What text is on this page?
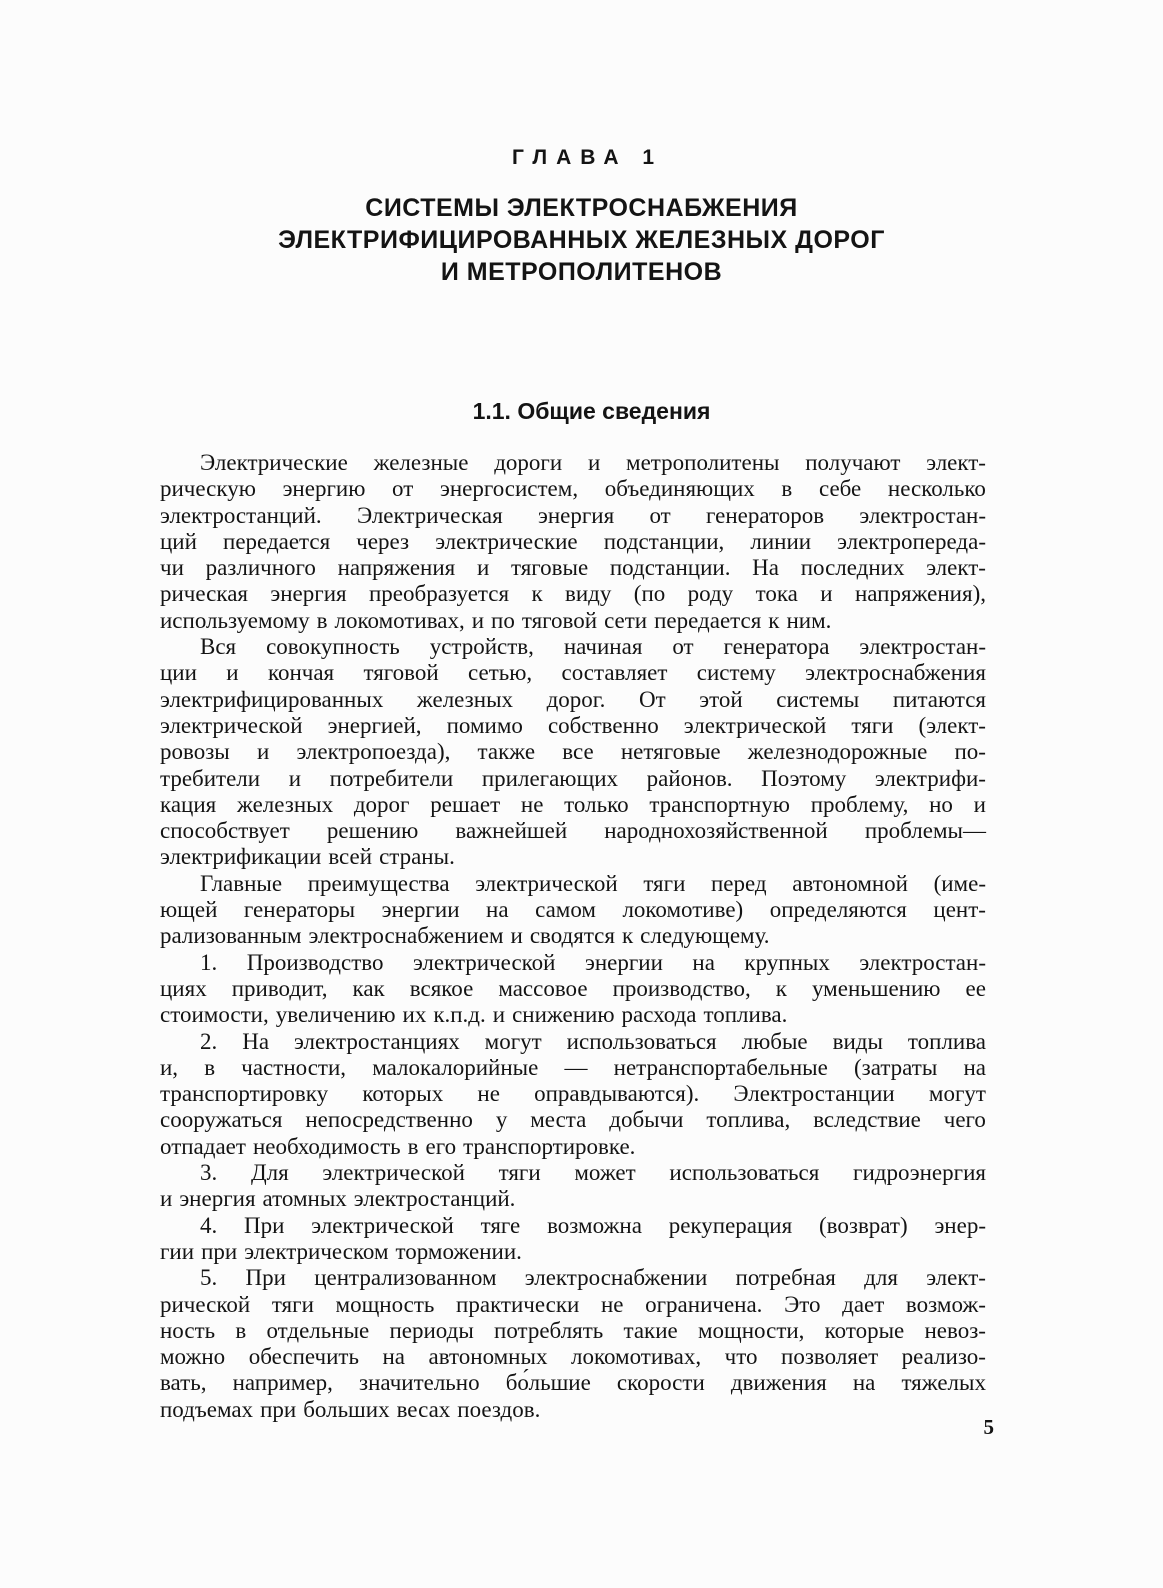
ГЛАВА 1
СИСТЕМЫ ЭЛЕКТРОСНАБЖЕНИЯ
ЭЛЕКТРИФИЦИРОВАННЫХ ЖЕЛЕЗНЫХ ДОРОГ
И МЕТРОПОЛИТЕНОВ
1.1. Общие сведения
Электрические железные дороги и метрополитены получают элект-
рическую энергию от энергосистем, объединяющих в себе несколько
электростанций. Электрическая энергия от генераторов электростан-
ций передается через электрические подстанции, линии электропереда-
чи различного напряжения и тяговые подстанции. На последних элект-
рическая энергия преобразуется к виду (по роду тока и напряжения),
используемому в локомотивах, и по тяговой сети передается к ним.
Вся совокупность устройств, начиная от генератора электростан-
ции и кончая тяговой сетью, составляет систему электроснабжения
электрифицированных железных дорог. От этой системы питаются
электрической энергией, помимо собственно электрической тяги (элект-
ровозы и электропоезда), также все нетяговые железнодорожные по-
требители и потребители прилегающих районов. Поэтому электрифи-
кация железных дорог решает не только транспортную проблему, но и
способствует решению важнейшей народнохозяйственной проблемы—
электрификации всей страны.
Главные преимущества электрической тяги перед автономной (име-
ющей генераторы энергии на самом локомотиве) определяются цент-
рализованным электроснабжением и сводятся к следующему.
1. Производство электрической энергии на крупных электростан-
циях приводит, как всякое массовое производство, к уменьшению ее
стоимости, увеличению их к.п.д. и снижению расхода топлива.
2. На электростанциях могут использоваться любые виды топлива
и, в частности, малокалорийные — нетранспортабельные (затраты на
транспортировку которых не оправдываются). Электростанции могут
сооружаться непосредственно у места добычи топлива, вследствие чего
отпадает необходимость в его транспортировке.
3. Для электрической тяги может использоваться гидроэнергия
и энергия атомных электростанций.
4. При электрической тяге возможна рекуперация (возврат) энер-
гии при электрическом торможении.
5. При централизованном электроснабжении потребная для элект-
рической тяги мощность практически не ограничена. Это дает возмож-
ность в отдельные периоды потреблять такие мощности, которые невоз-
можно обеспечить на автономных локомотивах, что позволяет реализо-
вать, например, значительно бо́льшие скорости движения на тяжелых
подъемах при больших весах поездов.
5
